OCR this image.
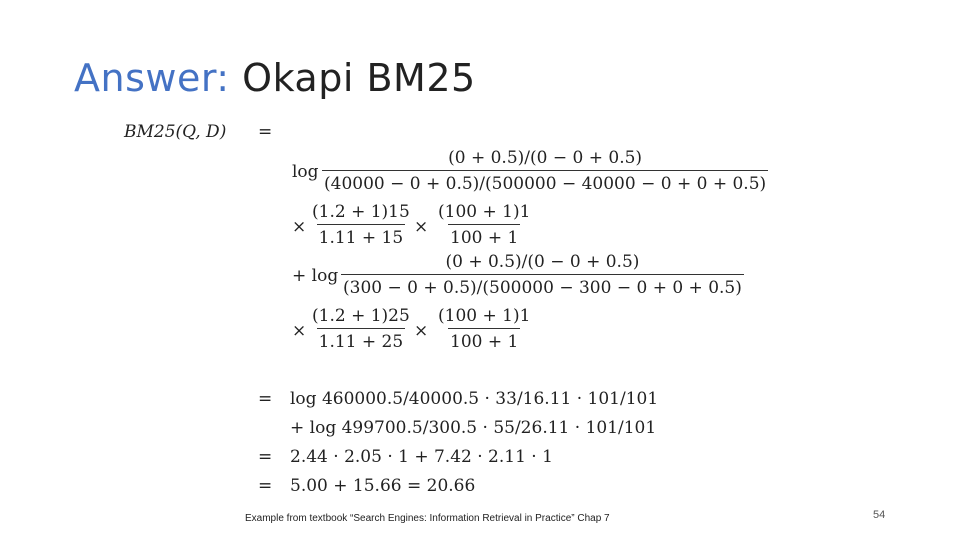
Answer: Okapi BM25
BM25(Q, D) =
$\log \frac{(0 + 0.5)/(0 - 0 + 0.5)}{(40000 - 0 + 0.5)/(500000 - 40000 - 0 + 0 + 0.5)}$
× $\frac{(1.2 + 1)15}{1.11 + 15} \times \frac{(100 + 1)1}{100 + 1}$
+ $\log \frac{(0 + 0.5)/(0 - 0 + 0.5)}{(300 - 0 + 0.5)/(500000 - 300 - 0 + 0 + 0.5)}$
× $\frac{(1.2 + 1)25}{1.11 + 25} \times \frac{(100 + 1)1}{100 + 1}$
= log 460000.5/40000.5 · 33/16.11 · 101/101
+ log 499700.5/300.5 · 55/26.11 · 101/101
= 2.44 · 2.05 · 1 + 7.42 · 2.11 · 1
= 5.00 + 15.66 = 20.66
Example from textbook “Search Engines: Information Retrieval in Practice” Chap 7	54
